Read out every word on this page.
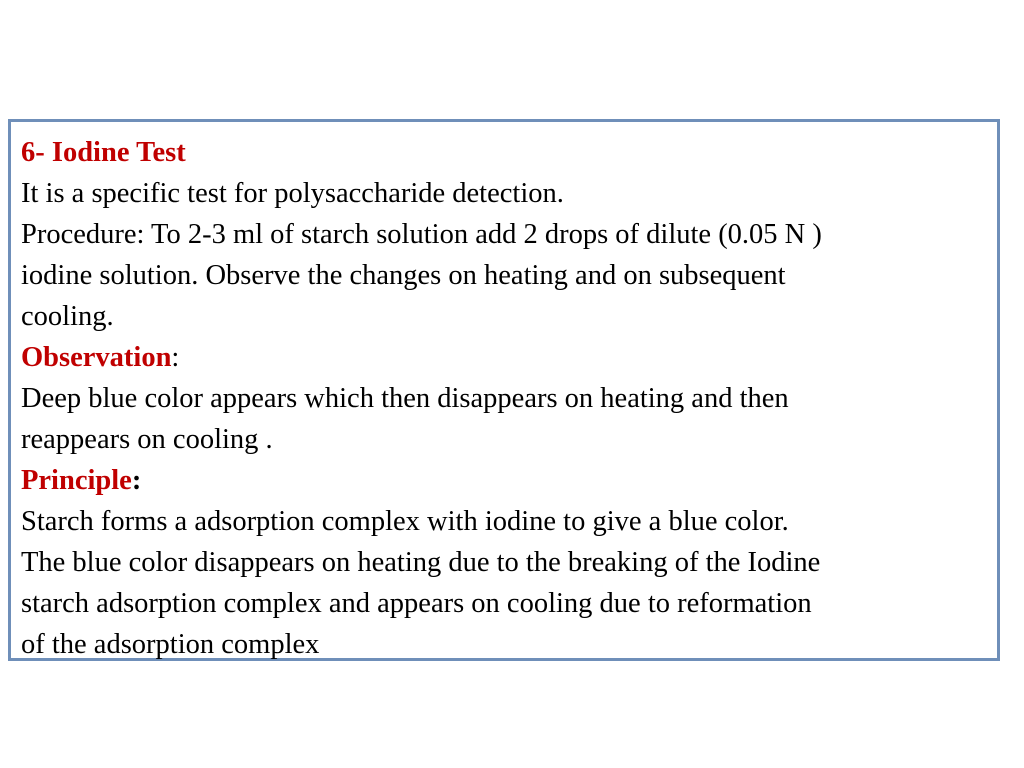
6- Iodine Test
It is a specific test for polysaccharide detection.
Procedure: To 2-3 ml of starch solution add 2 drops of dilute (0.05 N )
iodine solution. Observe the changes on heating and on subsequent
cooling.
Observation:
Deep blue color appears which then disappears on heating and then
reappears on cooling .
Principle:
Starch forms a adsorption complex with iodine to give a blue color.
The blue color disappears on heating due to the breaking of the Iodine
starch adsorption complex and appears on cooling due to reformation
of the adsorption complex
